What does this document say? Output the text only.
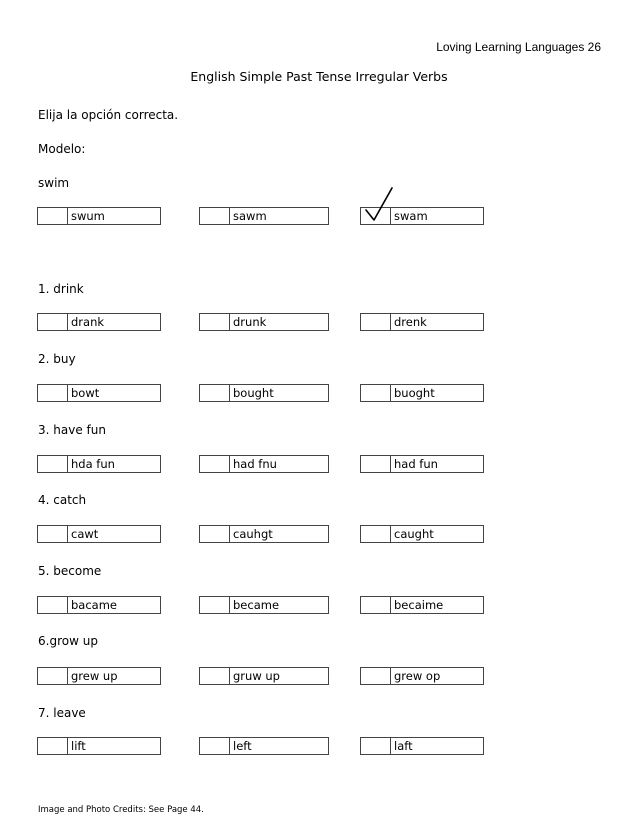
Loving Learning Languages 26
English Simple Past Tense Irregular Verbs
Elija la opción correcta.
Modelo:
swim
swum	sawm	swam
1. drink
drank	drunk	drenk
2. buy
bowt	bought	buoght
3. have fun
hda fun	had fnu	had fun
4. catch
cawt	cauhgt	caught
5. become
bacame	became	becaime
6.grow up
grew up	gruw up	grew op
7. leave
lift	left	laft
Image and Photo Credits: See Page 44.
